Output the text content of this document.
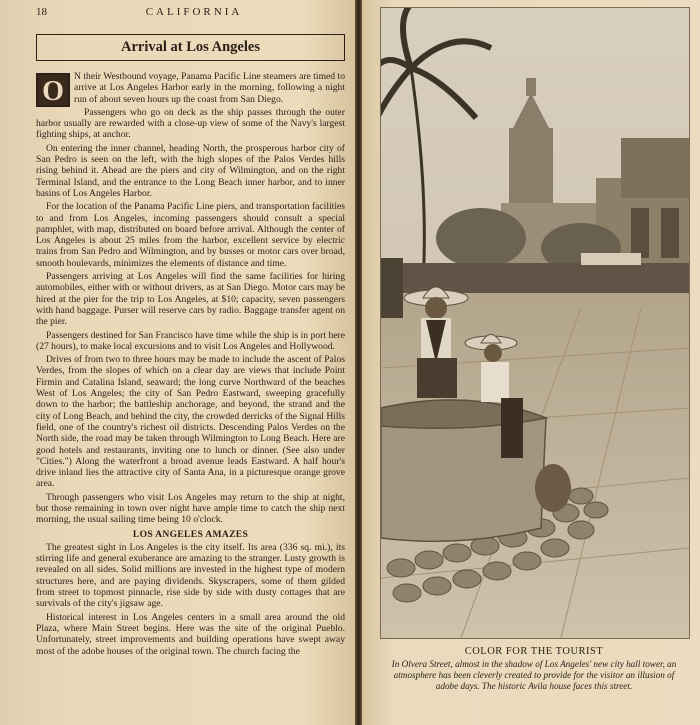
18	CALIFORNIA
Arrival at Los Angeles

O	N their Westbound voyage, Panama Pacific Line steamers are timed to arrive at Los Angeles Harbor early in the morning, following a night run of about seven hours up the coast from San Diego.

Passengers who go on deck as the ship passes through the outer harbor usually are rewarded with a close-up view of some of the Navy's largest fighting ships, at anchor.

On entering the inner channel, heading North, the prosperous harbor city of San Pedro is seen on the left, with the high slopes of the Palos Verdes hills rising behind it. Ahead are the piers and city of Wilmington, and on the right Terminal Island, and the entrance to the Long Beach inner harbor, and to inner basins of Los Angeles Harbor.

For the location of the Panama Pacific Line piers, and transportation facilities to and from Los Angeles, incoming passengers should consult a special pamphlet, with map, distributed on board before arrival. Although the center of Los Angeles is about 25 miles from the harbor, excellent service by electric trains from San Pedro and Wilmington, and by busses or motor cars over broad, smooth boulevards, minimizes the elements of distance and time.

Passengers arriving at Los Angeles will find the same facilities for hiring automobiles, either with or without drivers, as at San Diego. Motor cars may be hired at the pier for the trip to Los Angeles, at $10; capacity, seven passengers with hand baggage. Purser will reserve cars by radio. Baggage transfer agent on the pier.

Passengers destined for San Francisco have time while the ship is in port here (27 hours), to make local excursions and to visit Los Angeles and Hollywood.

Drives of from two to three hours may be made to include the ascent of Palos Verdes, from the slopes of which on a clear day are views that include Point Firmin and Catalina Island, seaward; the long curve Northward of the beaches West of Los Angeles; the city of San Pedro Eastward, sweeping gracefully down to the harbor; the battleship anchorage, and beyond, the strand and the city of Long Beach, and behind the city, the crowded derricks of the Signal Hills field, one of the country's richest oil districts. Descending Palos Verdes on the North side, the road may be taken through Wilmington to Long Beach. Here are good hotels and restaurants, inviting one to lunch or dinner. (See also under "Cities.") Along the waterfront a broad avenue leads Eastward. A half hour's drive inland lies the attractive city of Santa Ana, in a picturesque orange grove area.

Through passengers who visit Los Angeles may return to the ship at night, but those remaining in town over night have ample time to catch the ship next morning, the usual sailing time being 10 o'clock.

LOS ANGELES AMAZES

The greatest sight in Los Angeles is the city itself. Its area (336 sq. mi.), its stirring life and general exuberance are amazing to the stranger. Lusty growth is revealed on all sides. Solid millions are invested in the highest type of modern structures here, and are paying dividends. Skyscrapers, some of them gilded from street to topmost pinnacle, rise side by side with dusty cottages that are survivals of the city's jigsaw age.

Historical interest in Los Angeles centers in a small area around the old Plaza, where Main Street begins. Here was the site of the original Pueblo. Unfortunately, street improvements and building operations have swept away most of the adobe houses of the original town. The church facing the	COLOR FOR THE TOURIST
In Olvera Street, almost in the shadow of Los Angeles' new city hall tower, an atmosphere has been cleverly created to provide for the visitor an illusion of adobe days. The historic Avila house faces this street.
